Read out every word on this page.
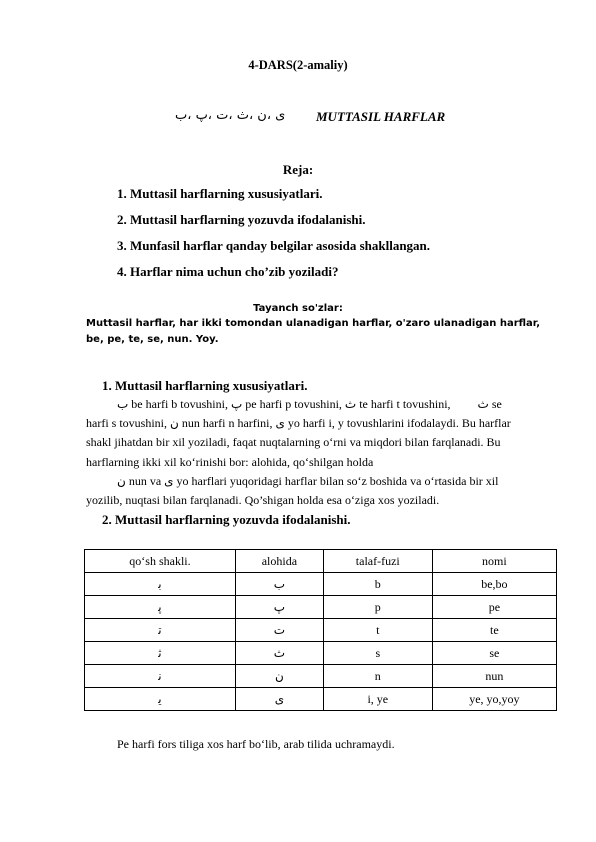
4-DARS(2-amaliy)
ی ،ن ،ث ،ت ،پ ،ب MUTTASIL HARFLAR
Reja:
1. Muttasil harflarning xususiyatlari.
2. Muttasil harflarning yozuvda ifodalanishi.
3. Munfasil harflar qanday belgilar asosida shakllangan.
4. Harflar nima uchun cho’zib yoziladi?
Tayanch so'zlar:
Muttasil harflar, har ikki tomondan ulanadigan harflar, o'zaro ulanadigan harflar, be, pe, te, se, nun. Yoy.
1. Muttasil harflarning xususiyatlari.
ب be harfi b tovushini, پ pe harfi p tovushini, ث te harfi t tovushini, ث se
harfi s tovushini, ن nun harfi n harfini, ی yo harfi i, y tovushlarini ifodalaydi. Bu harflar
shakl jihatdan bir xil yoziladi, faqat nuqtalarning o‘rni va miqdori bilan farqlanadi. Bu
harflarning ikki xil ko‘rinishi bor: alohida, qo‘shilgan holda
ن nun va ی yo harflari yuqoridagi harflar bilan so‘z boshida va o‘rtasida bir xil
yozilib, nuqtasi bilan farqlanadi. Qo’shigan holda esa o‘ziga xos yoziladi.
2. Muttasil harflarning yozuvda ifodalanishi.
qo‘sh shakli.	alohida	talaf-fuzi	nomi
ﺑ	ب	b	be,bo
ﭘ	پ	p	pe
ﺗ	ت	t	te
ﺛ	ث	s	se
ﻧ	ن	n	nun
ﻳ	ی	i, ye	ye, yo,yoy
Pe harfi fors tiliga xos harf bo‘lib, arab tilida uchramaydi.
